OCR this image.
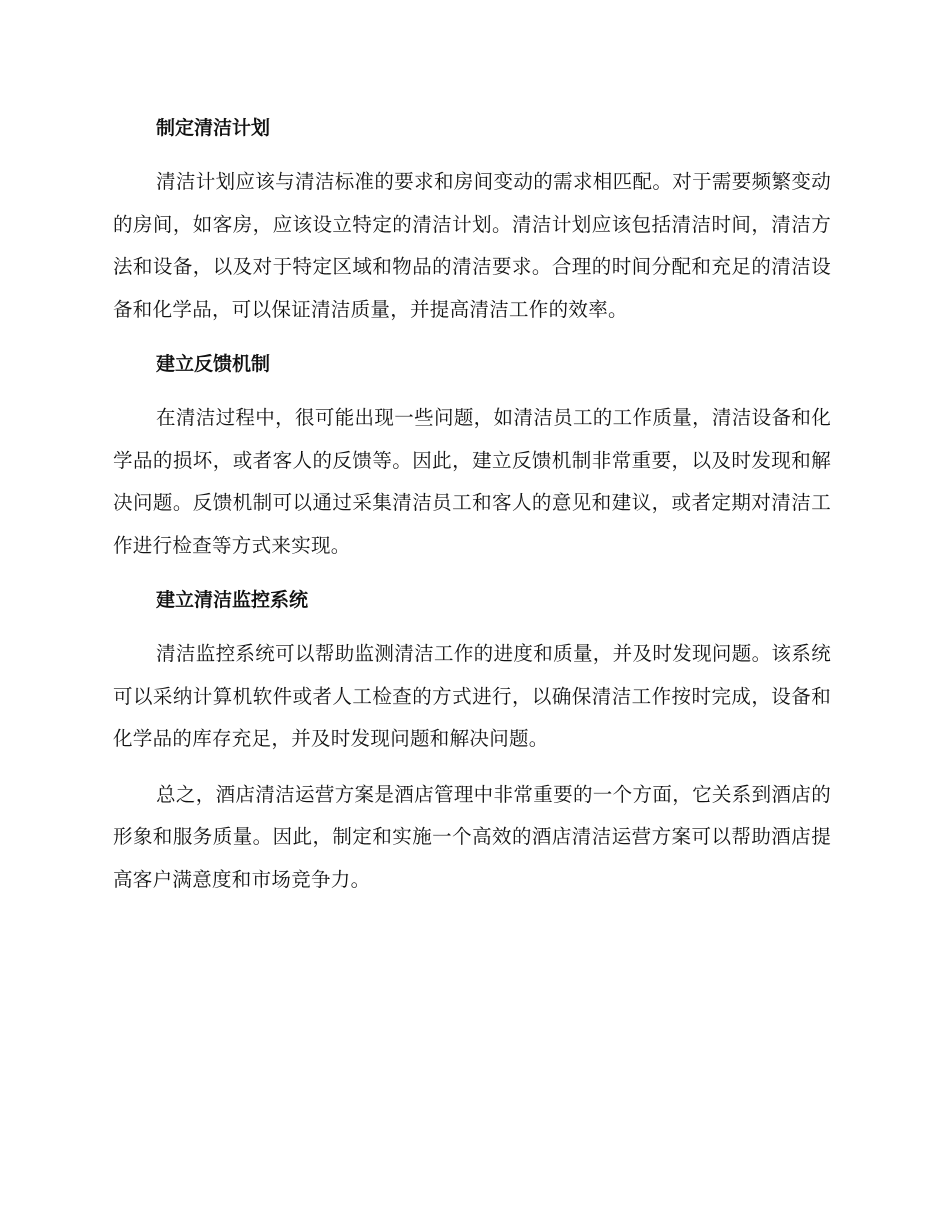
制定清洁计划

清洁计划应该与清洁标准的要求和房间变动的需求相匹配。对于需要频繁变动的房间，如客房，应该设立特定的清洁计划。清洁计划应该包括清洁时间，清洁方法和设备，以及对于特定区域和物品的清洁要求。合理的时间分配和充足的清洁设备和化学品，可以保证清洁质量，并提高清洁工作的效率。

建立反馈机制

在清洁过程中，很可能出现一些问题，如清洁员工的工作质量，清洁设备和化学品的损坏，或者客人的反馈等。因此，建立反馈机制非常重要，以及时发现和解决问题。反馈机制可以通过采集清洁员工和客人的意见和建议，或者定期对清洁工作进行检查等方式来实现。

建立清洁监控系统

清洁监控系统可以帮助监测清洁工作的进度和质量，并及时发现问题。该系统可以采纳计算机软件或者人工检查的方式进行，以确保清洁工作按时完成，设备和化学品的库存充足，并及时发现问题和解决问题。

总之，酒店清洁运营方案是酒店管理中非常重要的一个方面，它关系到酒店的形象和服务质量。因此，制定和实施一个高效的酒店清洁运营方案可以帮助酒店提高客户满意度和市场竞争力。
